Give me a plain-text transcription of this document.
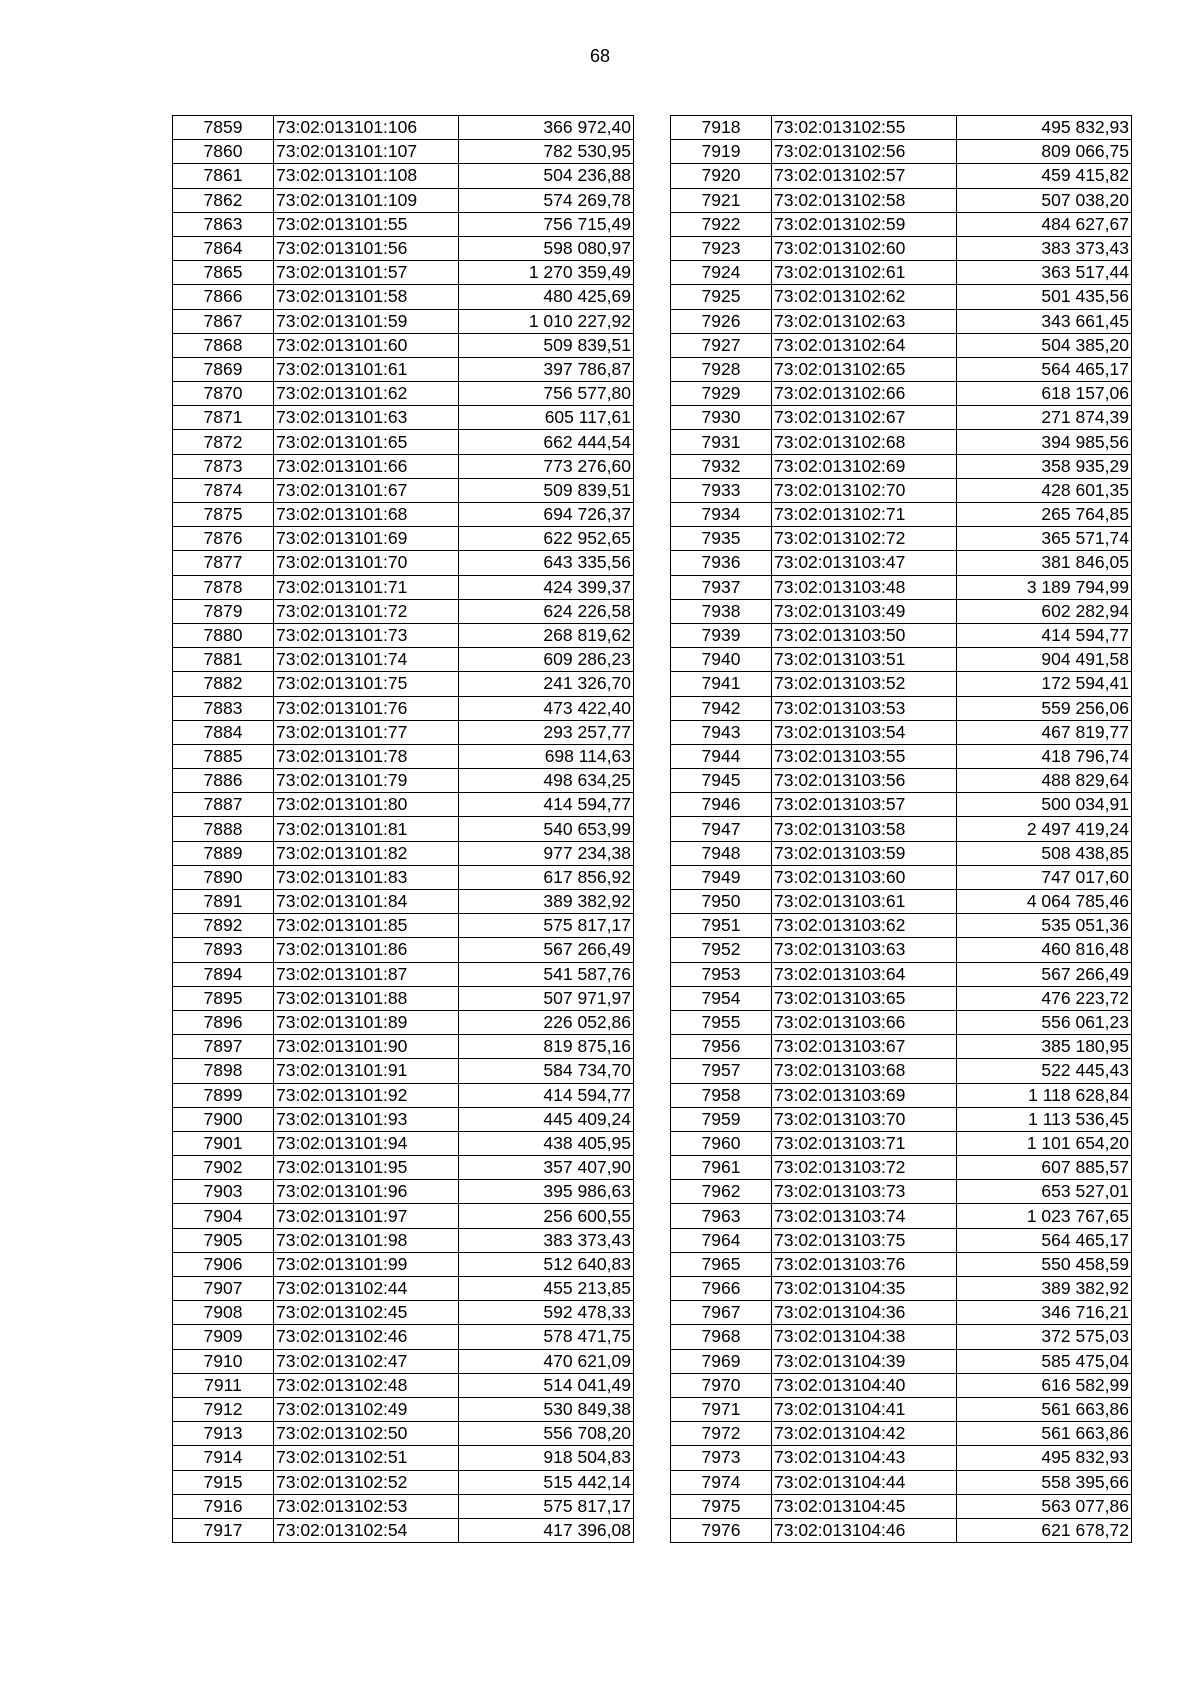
68
7859	73:02:013101:106	366 972,40
7860	73:02:013101:107	782 530,95
7861	73:02:013101:108	504 236,88
7862	73:02:013101:109	574 269,78
7863	73:02:013101:55	756 715,49
7864	73:02:013101:56	598 080,97
7865	73:02:013101:57	1 270 359,49
7866	73:02:013101:58	480 425,69
7867	73:02:013101:59	1 010 227,92
7868	73:02:013101:60	509 839,51
7869	73:02:013101:61	397 786,87
7870	73:02:013101:62	756 577,80
7871	73:02:013101:63	605 117,61
7872	73:02:013101:65	662 444,54
7873	73:02:013101:66	773 276,60
7874	73:02:013101:67	509 839,51
7875	73:02:013101:68	694 726,37
7876	73:02:013101:69	622 952,65
7877	73:02:013101:70	643 335,56
7878	73:02:013101:71	424 399,37
7879	73:02:013101:72	624 226,58
7880	73:02:013101:73	268 819,62
7881	73:02:013101:74	609 286,23
7882	73:02:013101:75	241 326,70
7883	73:02:013101:76	473 422,40
7884	73:02:013101:77	293 257,77
7885	73:02:013101:78	698 114,63
7886	73:02:013101:79	498 634,25
7887	73:02:013101:80	414 594,77
7888	73:02:013101:81	540 653,99
7889	73:02:013101:82	977 234,38
7890	73:02:013101:83	617 856,92
7891	73:02:013101:84	389 382,92
7892	73:02:013101:85	575 817,17
7893	73:02:013101:86	567 266,49
7894	73:02:013101:87	541 587,76
7895	73:02:013101:88	507 971,97
7896	73:02:013101:89	226 052,86
7897	73:02:013101:90	819 875,16
7898	73:02:013101:91	584 734,70
7899	73:02:013101:92	414 594,77
7900	73:02:013101:93	445 409,24
7901	73:02:013101:94	438 405,95
7902	73:02:013101:95	357 407,90
7903	73:02:013101:96	395 986,63
7904	73:02:013101:97	256 600,55
7905	73:02:013101:98	383 373,43
7906	73:02:013101:99	512 640,83
7907	73:02:013102:44	455 213,85
7908	73:02:013102:45	592 478,33
7909	73:02:013102:46	578 471,75
7910	73:02:013102:47	470 621,09
7911	73:02:013102:48	514 041,49
7912	73:02:013102:49	530 849,38
7913	73:02:013102:50	556 708,20
7914	73:02:013102:51	918 504,83
7915	73:02:013102:52	515 442,14
7916	73:02:013102:53	575 817,17
7917	73:02:013102:54	417 396,08
7918	73:02:013102:55	495 832,93
7919	73:02:013102:56	809 066,75
7920	73:02:013102:57	459 415,82
7921	73:02:013102:58	507 038,20
7922	73:02:013102:59	484 627,67
7923	73:02:013102:60	383 373,43
7924	73:02:013102:61	363 517,44
7925	73:02:013102:62	501 435,56
7926	73:02:013102:63	343 661,45
7927	73:02:013102:64	504 385,20
7928	73:02:013102:65	564 465,17
7929	73:02:013102:66	618 157,06
7930	73:02:013102:67	271 874,39
7931	73:02:013102:68	394 985,56
7932	73:02:013102:69	358 935,29
7933	73:02:013102:70	428 601,35
7934	73:02:013102:71	265 764,85
7935	73:02:013102:72	365 571,74
7936	73:02:013103:47	381 846,05
7937	73:02:013103:48	3 189 794,99
7938	73:02:013103:49	602 282,94
7939	73:02:013103:50	414 594,77
7940	73:02:013103:51	904 491,58
7941	73:02:013103:52	172 594,41
7942	73:02:013103:53	559 256,06
7943	73:02:013103:54	467 819,77
7944	73:02:013103:55	418 796,74
7945	73:02:013103:56	488 829,64
7946	73:02:013103:57	500 034,91
7947	73:02:013103:58	2 497 419,24
7948	73:02:013103:59	508 438,85
7949	73:02:013103:60	747 017,60
7950	73:02:013103:61	4 064 785,46
7951	73:02:013103:62	535 051,36
7952	73:02:013103:63	460 816,48
7953	73:02:013103:64	567 266,49
7954	73:02:013103:65	476 223,72
7955	73:02:013103:66	556 061,23
7956	73:02:013103:67	385 180,95
7957	73:02:013103:68	522 445,43
7958	73:02:013103:69	1 118 628,84
7959	73:02:013103:70	1 113 536,45
7960	73:02:013103:71	1 101 654,20
7961	73:02:013103:72	607 885,57
7962	73:02:013103:73	653 527,01
7963	73:02:013103:74	1 023 767,65
7964	73:02:013103:75	564 465,17
7965	73:02:013103:76	550 458,59
7966	73:02:013104:35	389 382,92
7967	73:02:013104:36	346 716,21
7968	73:02:013104:38	372 575,03
7969	73:02:013104:39	585 475,04
7970	73:02:013104:40	616 582,99
7971	73:02:013104:41	561 663,86
7972	73:02:013104:42	561 663,86
7973	73:02:013104:43	495 832,93
7974	73:02:013104:44	558 395,66
7975	73:02:013104:45	563 077,86
7976	73:02:013104:46	621 678,72
